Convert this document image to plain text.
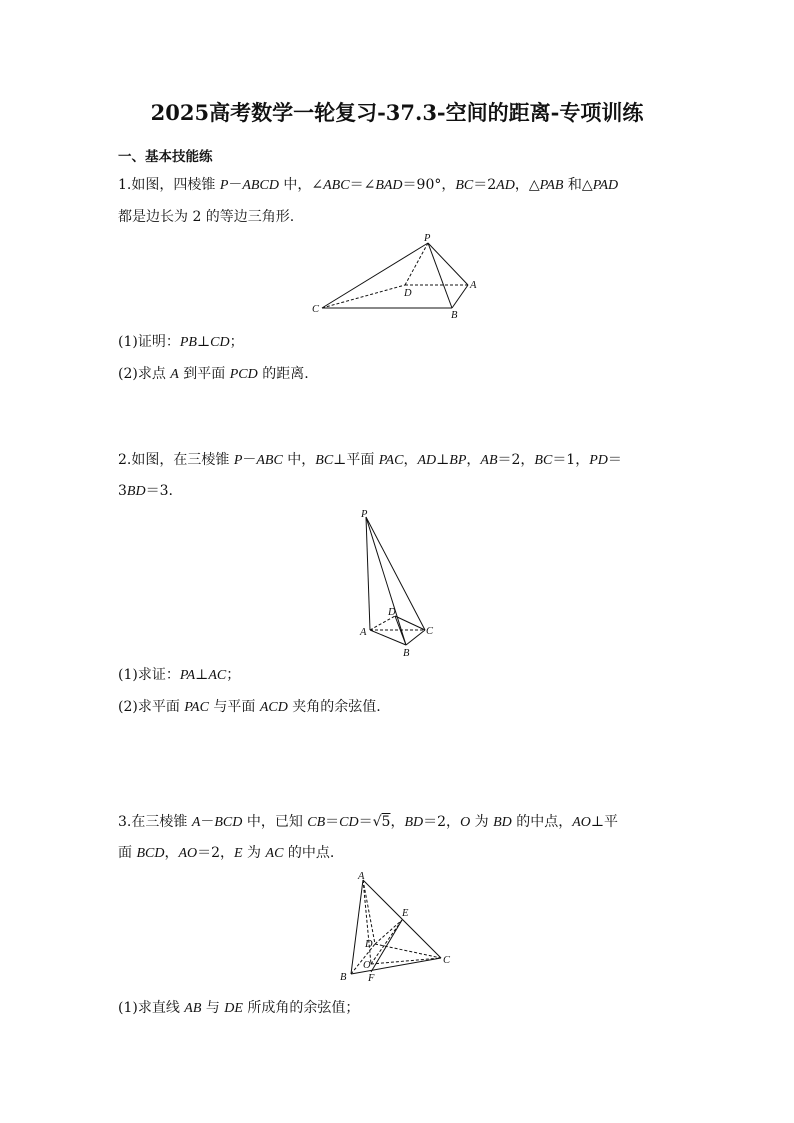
2025高考数学一轮复习-37.3-空间的距离-专项训练
一、基本技能练
1.如图，四棱锥 P－ABCD 中，∠ABC＝∠BAD＝90°，BC＝2AD，△PAB 和△PAD
都是边长为 2 的等边三角形.
P
A
B
C
D
(1)证明：PB⊥CD；
(2)求点 A 到平面 PCD 的距离.
2.如图，在三棱锥 P－ABC 中，BC⊥平面 PAC，AD⊥BP，AB＝2，BC＝1，PD＝
3BD＝3.
P
A
B
C
D
(1)求证：PA⊥AC；
(2)求平面 PAC 与平面 ACD 夹角的余弦值.
3.在三棱锥 A－BCD 中，已知 CB＝CD＝√5，BD＝2，O 为 BD 的中点，AO⊥平
面 BCD，AO＝2，E 为 AC 的中点.
A
B
C
D
E
F
O
(1)求直线 AB 与 DE 所成角的余弦值；
